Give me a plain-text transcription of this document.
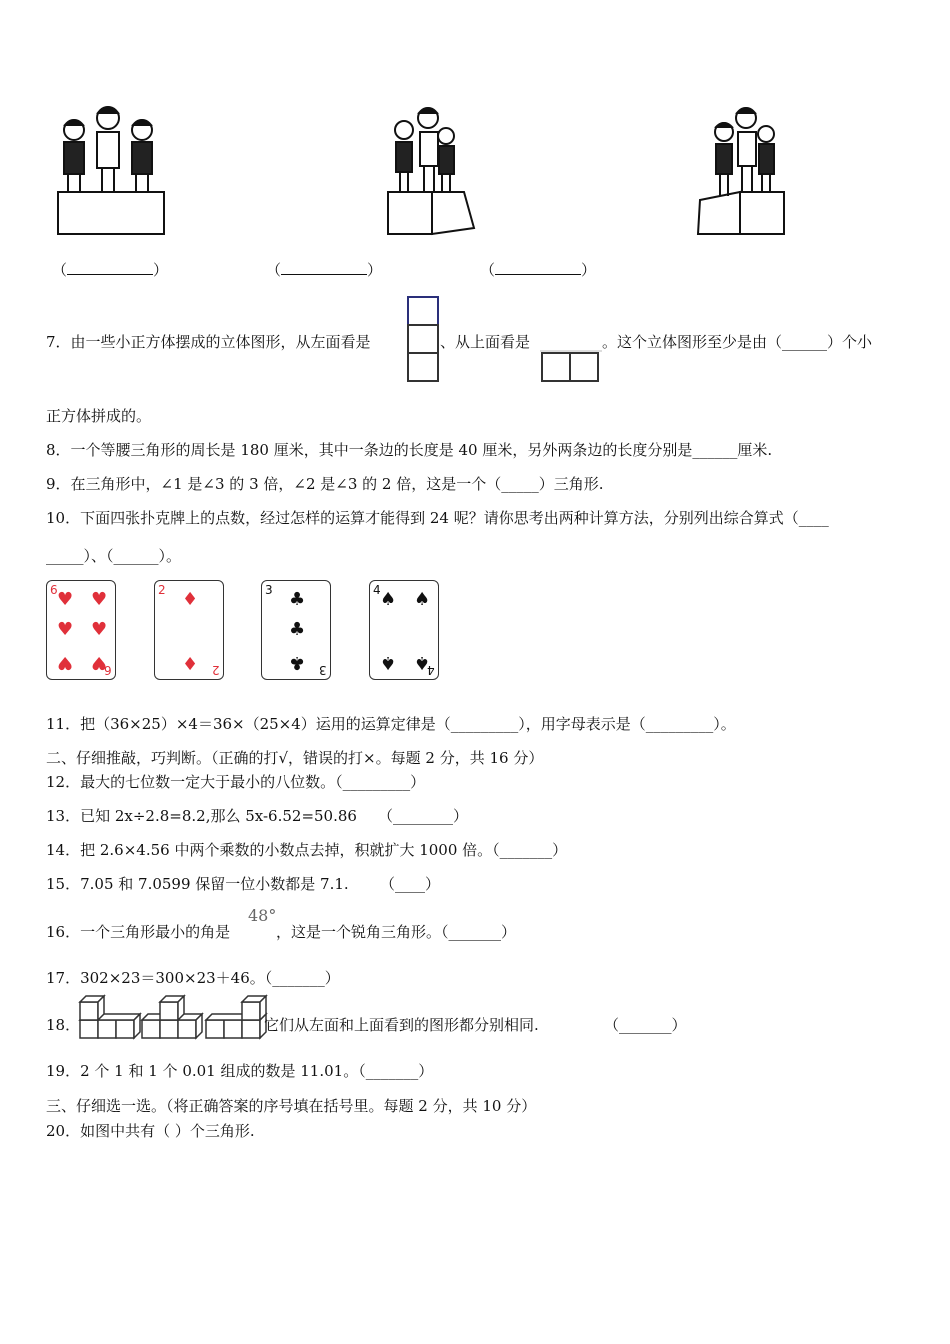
（	）	（	）	（	）
7．由一些小正方体摆成的立体图形，从左面看是	、从上面看是	。这个立体图形至少是由（______）个小
正方体拼成的。
8．一个等腰三角形的周长是 180 厘米，其中一条边的长度是 40 厘米，另外两条边的长度分别是______厘米.
9．在三角形中，∠1 是∠3 的 3 倍，∠2 是∠3 的 2 倍，这是一个（_____）三角形.
10．下面四张扑克牌上的点数，经过怎样的运算才能得到 24 呢？请你思考出两种计算方法，分别列出综合算式（____
_____）、（______）。
6 ♥ ♥
♥ ♥
♥ ♥
6
2 ♦
♦ 2
3 ♣
♣
♣ 3
4 ♠ ♠
♠ ♠
4
11．把（36×25）×4＝36×（25×4）运用的运算定律是（_________），用字母表示是（_________）。
二、仔细推敲，巧判断。（正确的打√，错误的打×。每题 2 分，共 16 分）
12．最大的七位数一定大于最小的八位数。（_________）
13．已知 2x÷2.8=8.2,那么 5x-6.52=50.86 （________）
14．把 2.6×4.56 中两个乘数的小数点去掉，积就扩大 1000 倍。（_______）
15．7.05 和 7.0599 保留一位小数都是 7.1. （____）
16．一个三角形最小的角是
48°
，这是一个锐角三角形。（_______）
17．302×23＝300×23＋46。（_______）
18．	它们从左面和上面看到的图形都分别相同.	（_______）
19．2 个 1 和 1 个 0.01 组成的数是 11.01。（_______）
三、仔细选一选。（将正确答案的序号填在括号里。每题 2 分，共 10 分）
20．如图中共有（ ）个三角形.
